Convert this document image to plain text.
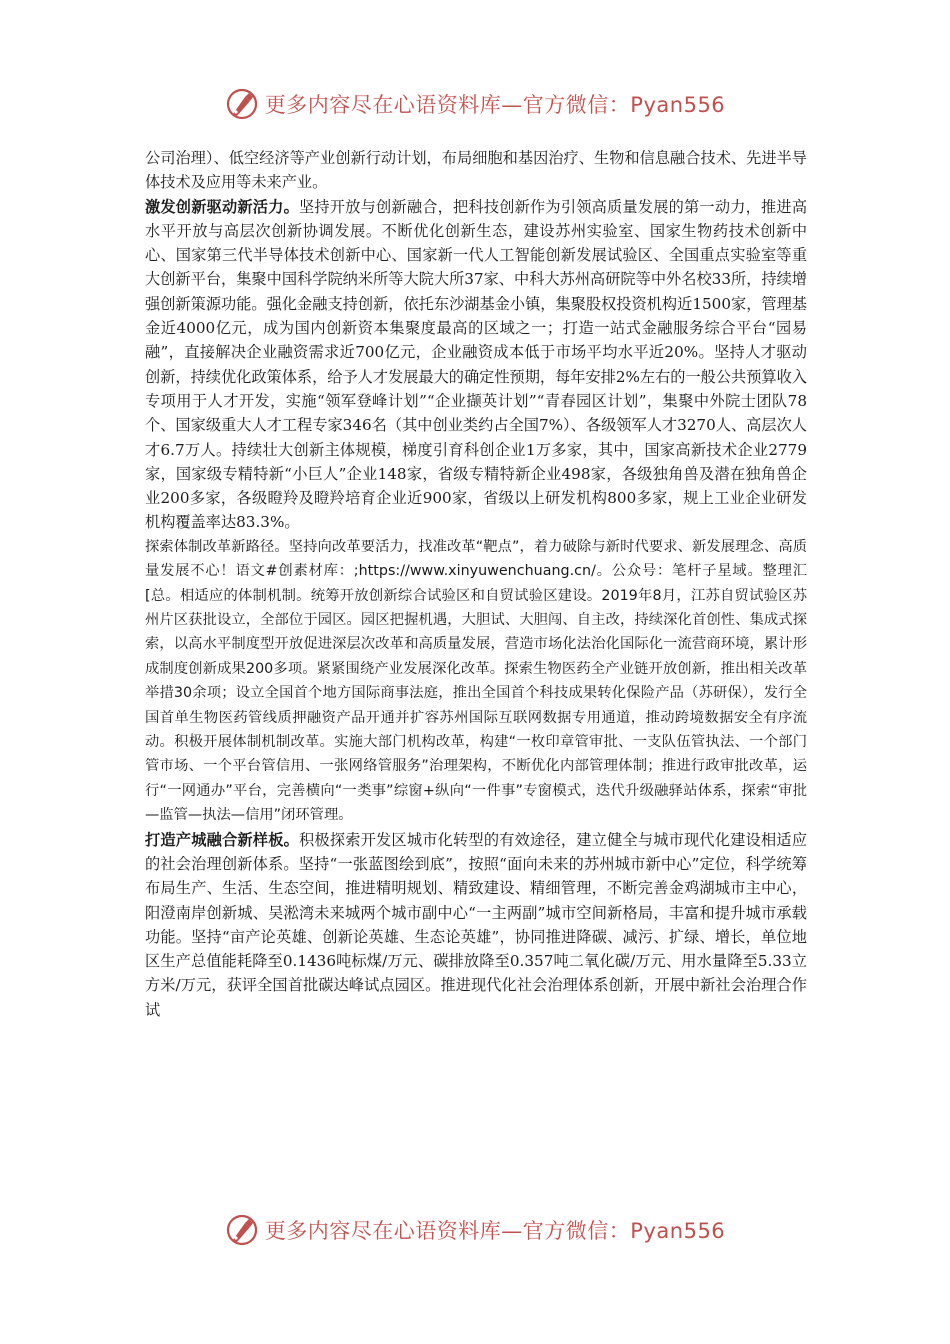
更多内容尽在心语资料库—官方微信：Pyan556

公司治理）、低空经济等产业创新行动计划，布局细胞和基因治疗、生物和信息融合技术、先进半导体技术及应用等未来产业。

激发创新驱动新活力。坚持开放与创新融合，把科技创新作为引领高质量发展的第一动力，推进高水平开放与高层次创新协调发展。不断优化创新生态，建设苏州实验室、国家生物药技术创新中心、国家第三代半导体技术创新中心、国家新一代人工智能创新发展试验区、全国重点实验室等重大创新平台，集聚中国科学院纳米所等大院大所37家、中科大苏州高研院等中外名校33所，持续增强创新策源功能。强化金融支持创新，依托东沙湖基金小镇，集聚股权投资机构近1500家，管理基金近4000亿元，成为国内创新资本集聚度最高的区域之一；打造一站式金融服务综合平台“园易融”，直接解决企业融资需求近700亿元，企业融资成本低于市场平均水平近20%。坚持人才驱动创新，持续优化政策体系，给予人才发展最大的确定性预期，每年安排2%左右的一般公共预算收入专项用于人才开发，实施“领军登峰计划”“企业撷英计划”“青春园区计划”，集聚中外院士团队78个、国家级重大人才工程专家346名（其中创业类约占全国7%）、各级领军人才3270人、高层次人才6.7万人。持续壮大创新主体规模，梯度引育科创企业1万多家，其中，国家高新技术企业2779家，国家级专精特新“小巨人”企业148家，省级专精特新企业498家，各级独角兽及潜在独角兽企业200多家，各级瞪羚及瞪羚培育企业近900家，省级以上研发机构800多家，规上工业企业研发机构覆盖率达83.3%。

探索体制改革新路径。坚持向改革要活力，找准改革“靶点”，着力破除与新时代要求、新发展理念、高质量发展不心！语文#创素材库：;https://www.xinyuwenchuang.cn/。公众号：笔杆子星域。整理汇[总。相适应的体制机制。统筹开放创新综合试验区和自贸试验区建设。2019年8月，江苏自贸试验区苏州片区获批设立，全部位于园区。园区把握机遇，大胆试、大胆闯、自主改，持续深化首创性、集成式探索，以高水平制度型开放促进深层次改革和高质量发展，营造市场化法治化国际化一流营商环境，累计形成制度创新成果200多项。紧紧围绕产业发展深化改革。探索生物医药全产业链开放创新，推出相关改革举措30余项；设立全国首个地方国际商事法庭，推出全国首个科技成果转化保险产品（苏研保），发行全国首单生物医药管线质押融资产品开通并扩容苏州国际互联网数据专用通道，推动跨境数据安全有序流动。积极开展体制机制改革。实施大部门机构改革，构建“一枚印章管审批、一支队伍管执法、一个部门管市场、一个平台管信用、一张网络管服务”治理架构，不断优化内部管理体制；推进行政审批改革，运行“一网通办”平台，完善横向“一类事”综窗+纵向“一件事”专窗模式，迭代升级融驿站体系，探索“审批—监管—执法—信用”闭环管理。

打造产城融合新样板。积极探索开发区城市化转型的有效途径，建立健全与城市现代化建设相适应的社会治理创新体系。坚持“一张蓝图绘到底”，按照“面向未来的苏州城市新中心”定位，科学统筹布局生产、生活、生态空间，推进精明规划、精致建设、精细管理，不断完善金鸡湖城市主中心，阳澄南岸创新城、吴淞湾未来城两个城市副中心“一主两副”城市空间新格局，丰富和提升城市承载功能。坚持“亩产论英雄、创新论英雄、生态论英雄”，协同推进降碳、减污、扩绿、增长，单位地区生产总值能耗降至0.1436吨标煤/万元、碳排放降至0.357吨二氧化碳/万元、用水量降至5.33立方米/万元，获评全国首批碳达峰试点园区。推进现代化社会治理体系创新，开展中新社会治理合作试

更多内容尽在心语资料库—官方微信：Pyan556
